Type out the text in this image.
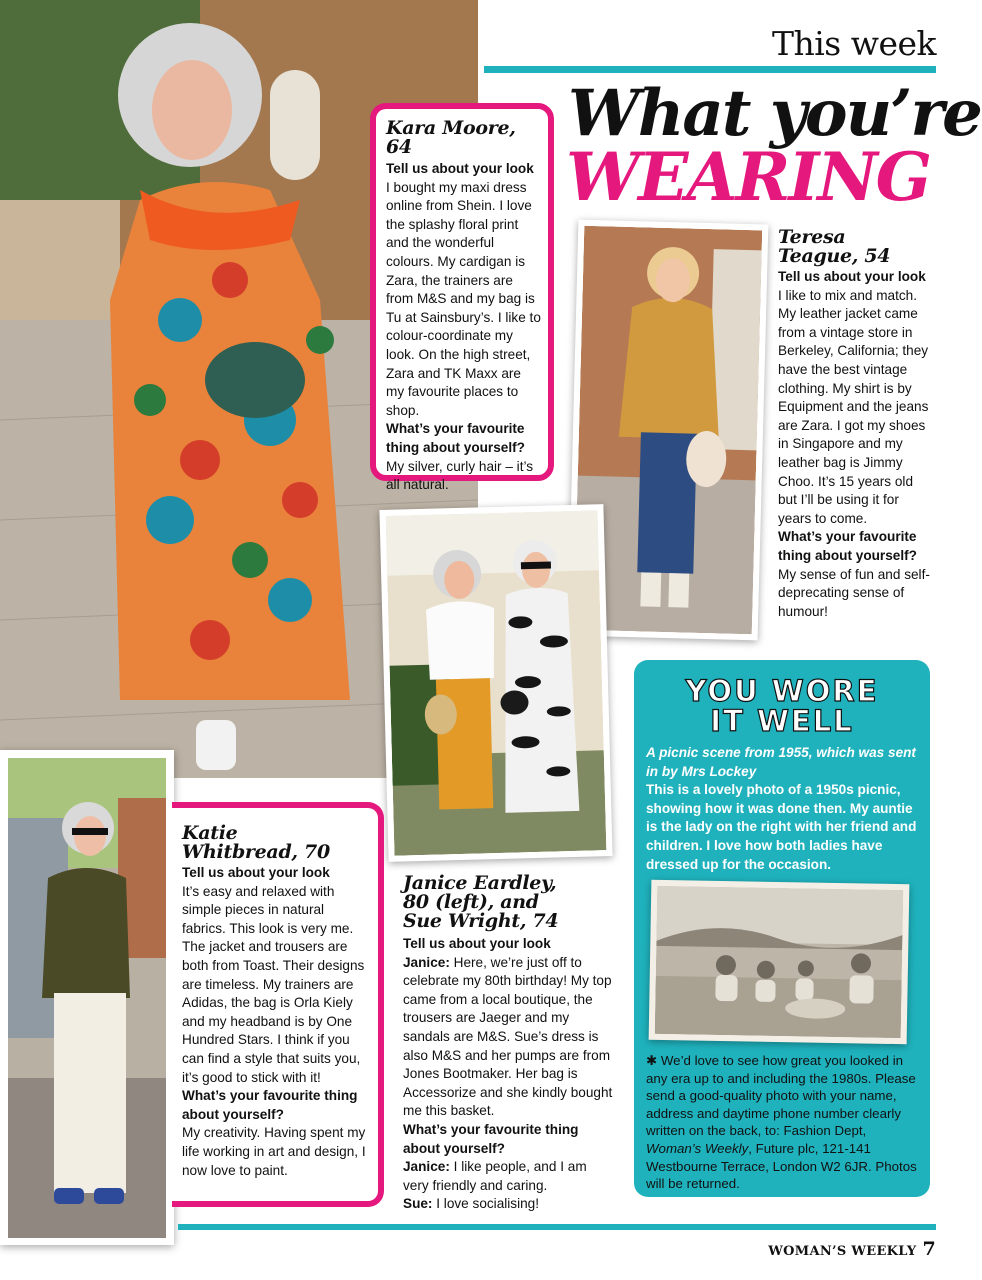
This week
What you’re
WEARING
Kara Moore, 64

Tell us about your look

I bought my maxi dress online from Shein. I love the splashy floral print and the wonderful colours. My cardigan is Zara, the trainers are from M&S and my bag is Tu at Sainsbury’s. I like to colour-coordinate my look. On the high street, Zara and TK Maxx are my favourite places to shop.

What’s your favourite thing about yourself?

My silver, curly hair – it’s all natural.

Teresa
Teague, 54

Tell us about your look

I like to mix and match. My leather jacket came from a vintage store in Berkeley, California; they have the best vintage clothing. My shirt is by Equipment and the jeans are Zara. I got my shoes in Singapore and my leather bag is Jimmy Choo. It’s 15 years old but I’ll be using it for years to come.

What’s your favourite thing about yourself?

My sense of fun and self-deprecating sense of humour!

Katie
Whitbread, 70

Tell us about your look

It’s easy and relaxed with simple pieces in natural fabrics. This look is very me. The jacket and trousers are both from Toast. Their designs are timeless. My trainers are Adidas, the bag is Orla Kiely and my headband is by One Hundred Stars. I think if you can find a style that suits you, it’s good to stick with it!

What’s your favourite thing about yourself?

My creativity. Having spent my life working in art and design, I now love to paint.

Janice Eardley,
80 (left), and
Sue Wright, 74

Tell us about your look

Janice: Here, we’re just off to celebrate my 80th birthday! My top came from a local boutique, the trousers are Jaeger and my sandals are M&S. Sue’s dress is also M&S and her pumps are from Jones Bootmaker. Her bag is Accessorize and she kindly bought me this basket.

What’s your favourite thing about yourself?

Janice: I like people, and I am very friendly and caring.

Sue: I love socialising!

YOU WORE
IT WELL
A picnic scene from 1955, which was sent in by Mrs Lockey
This is a lovely photo of a 1950s picnic, showing how it was done then. My auntie is the lady on the right with her friend and children. I love how both ladies have dressed up for the occasion.
✱ We’d love to see how great you looked in any era up to and including the 1980s. Please send a good-quality photo with your name, address and daytime phone number clearly written on the back, to: Fashion Dept, Woman’s Weekly, Future plc, 121-141 Westbourne Terrace, London W2 6JR. Photos will be returned.
WOMAN’S WEEKLY 7
